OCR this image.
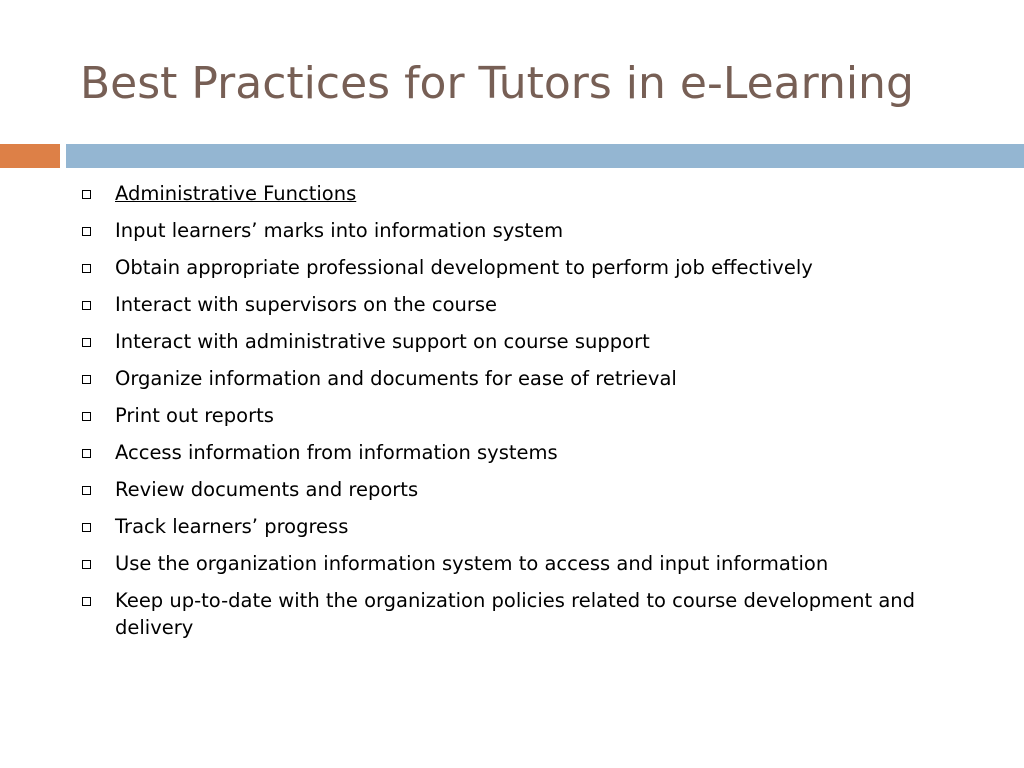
Best Practices for Tutors in e-Learning
Administrative Functions
Input learners’ marks into information system
Obtain appropriate professional development to perform job effectively
Interact with supervisors on the course
Interact with administrative support on course support
Organize information and documents for ease of retrieval
Print out reports
Access information from information systems
Review documents and reports
Track learners’ progress
Use the organization information system to access and input information
Keep up-to-date with the organization policies related to course development and delivery
